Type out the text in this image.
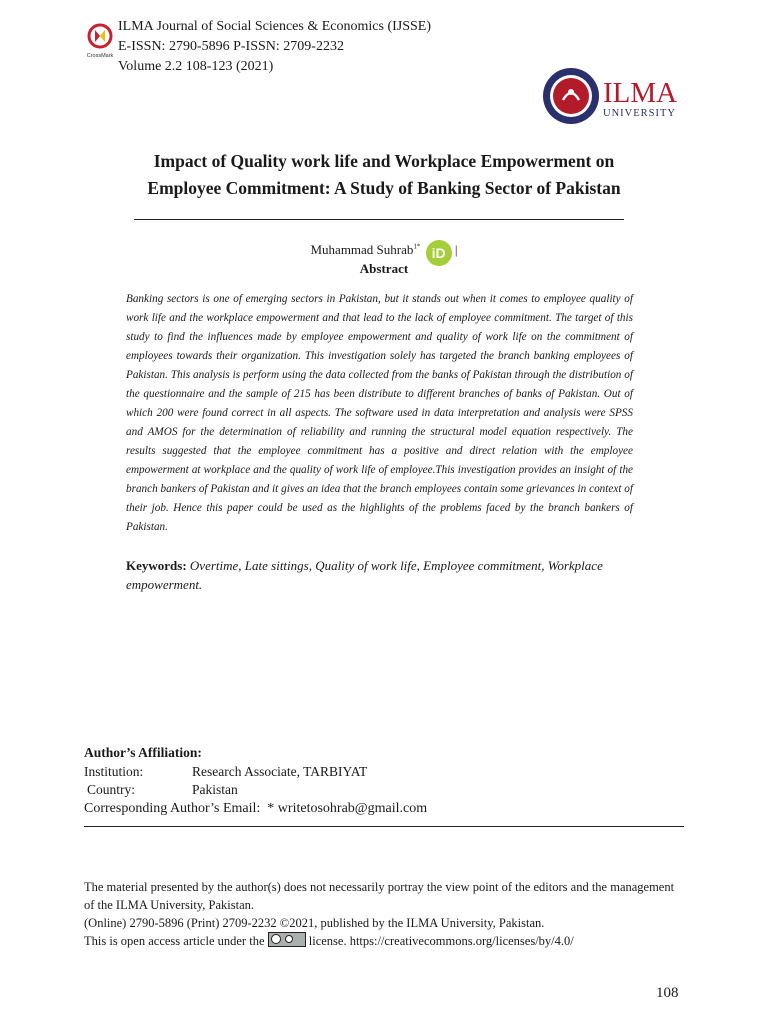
CrossMark
ILMA Journal of Social Sciences & Economics (IJSSE)
E-ISSN: 2790-5896 P-ISSN: 2709-2232
Volume 2.2 108-123 (2021)
ILMA
UNIVERSITY
Impact of Quality work life and Workplace Empowerment on
Employee Commitment: A Study of Banking Sector of Pakistan
Muhammad Suhrab$^{1*}$ iD |
Abstract
Banking sectors is one of emerging sectors in Pakistan, but it stands out when it comes to employee quality of work life and the workplace empowerment and that lead to the lack of employee commitment. The target of this study to find the influences made by employee empowerment and quality of work life on the commitment of employees towards their organization. This investigation solely has targeted the branch banking employees of Pakistan. This analysis is perform using the data collected from the banks of Pakistan through the distribution of the questionnaire and the sample of 215 has been distribute to different branches of banks of Pakistan. Out of which 200 were found correct in all aspects. The software used in data interpretation and analysis were SPSS and AMOS for the determination of reliability and running the structural model equation respectively. The results suggested that the employee commitment has a positive and direct relation with the employee empowerment at workplace and the quality of work life of employee.This investigation provides an insight of the branch bankers of Pakistan and it gives an idea that the branch employees contain some grievances in context of their job. Hence this paper could be used as the highlights of the problems faced by the branch bankers of Pakistan.
Keywords: Overtime, Late sittings, Quality of work life, Employee commitment, Workplace empowerment.
Author’s Affiliation:
Institution:	Research Associate, TARBIYAT
Country:	Pakistan
Corresponding Author’s Email: * writetosohrab@gmail.com
The material presented by the author(s) does not necessarily portray the view point of the editors and the management of the ILMA University, Pakistan.
(Online) 2790-5896 (Print) 2709-2232 ©2021, published by the ILMA University, Pakistan.
This is open access article under the	license. https://creativecommons.org/licenses/by/4.0/
108
